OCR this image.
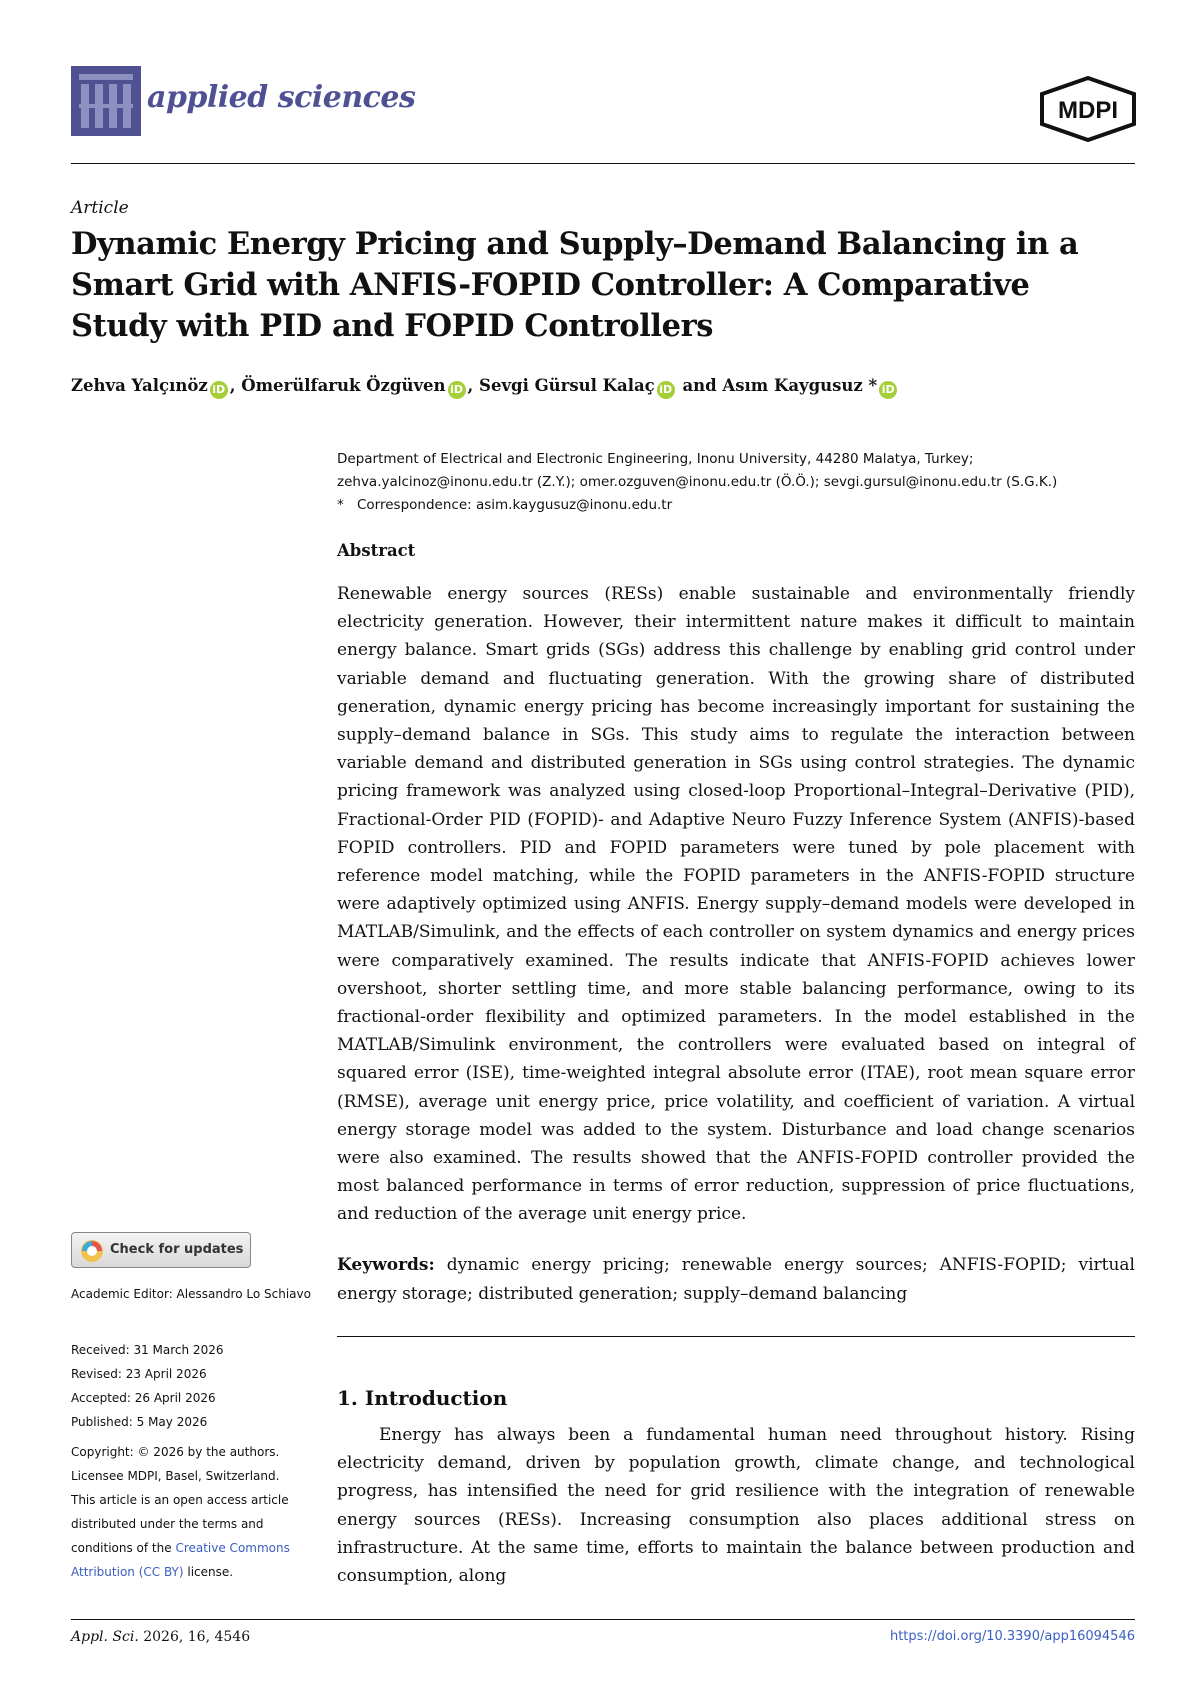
applied sciences	MDPI
Article
Dynamic Energy Pricing and Supply–Demand Balancing in a Smart Grid with ANFIS-FOPID Controller: A Comparative Study with PID and FOPID Controllers
Zehva Yalçınöz iD , Ömerülfaruk Özgüven iD , Sevgi Gürsul Kalaç iD and Asım Kaygusuz * iD
Department of Electrical and Electronic Engineering, Inonu University, 44280 Malatya, Turkey;
zehva.yalcinoz@inonu.edu.tr (Z.Y.); omer.ozguven@inonu.edu.tr (Ö.Ö.); sevgi.gursul@inonu.edu.tr (S.G.K.)
* Correspondence: asim.kaygusuz@inonu.edu.tr
Abstract
Renewable energy sources (RESs) enable sustainable and environmentally friendly electricity generation. However, their intermittent nature makes it difficult to maintain energy balance. Smart grids (SGs) address this challenge by enabling grid control under variable demand and fluctuating generation. With the growing share of distributed generation, dynamic energy pricing has become increasingly important for sustaining the supply–demand balance in SGs. This study aims to regulate the interaction between variable demand and distributed generation in SGs using control strategies. The dynamic pricing framework was analyzed using closed-loop Proportional–Integral–Derivative (PID), Fractional-Order PID (FOPID)- and Adaptive Neuro Fuzzy Inference System (ANFIS)-based FOPID controllers. PID and FOPID parameters were tuned by pole placement with reference model matching, while the FOPID parameters in the ANFIS-FOPID structure were adaptively optimized using ANFIS. Energy supply–demand models were developed in MATLAB/Simulink, and the effects of each controller on system dynamics and energy prices were comparatively examined. The results indicate that ANFIS-FOPID achieves lower overshoot, shorter settling time, and more stable balancing performance, owing to its fractional-order flexibility and optimized parameters. In the model established in the MATLAB/Simulink environment, the controllers were evaluated based on integral of squared error (ISE), time-weighted integral absolute error (ITAE), root mean square error (RMSE), average unit energy price, price volatility, and coefficient of variation. A virtual energy storage model was added to the system. Disturbance and load change scenarios were also examined. The results showed that the ANFIS-FOPID controller provided the most balanced performance in terms of error reduction, suppression of price fluctuations, and reduction of the average unit energy price.
Keywords: dynamic energy pricing; renewable energy sources; ANFIS-FOPID; virtual energy storage; distributed generation; supply–demand balancing
1. Introduction
Energy has always been a fundamental human need throughout history. Rising electricity demand, driven by population growth, climate change, and technological progress, has intensified the need for grid resilience with the integration of renewable energy sources (RESs). Increasing consumption also places additional stress on infrastructure. At the same time, efforts to maintain the balance between production and consumption, along
Check for updates
Academic Editor: Alessandro Lo Schiavo
Received: 31 March 2026
Revised: 23 April 2026
Accepted: 26 April 2026
Published: 5 May 2026
Copyright: © 2026 by the authors.
Licensee MDPI, Basel, Switzerland.
This article is an open access article
distributed under the terms and
conditions of the Creative Commons
Attribution (CC BY) license.
Appl. Sci. 2026, 16, 4546	https://doi.org/10.3390/app16094546
